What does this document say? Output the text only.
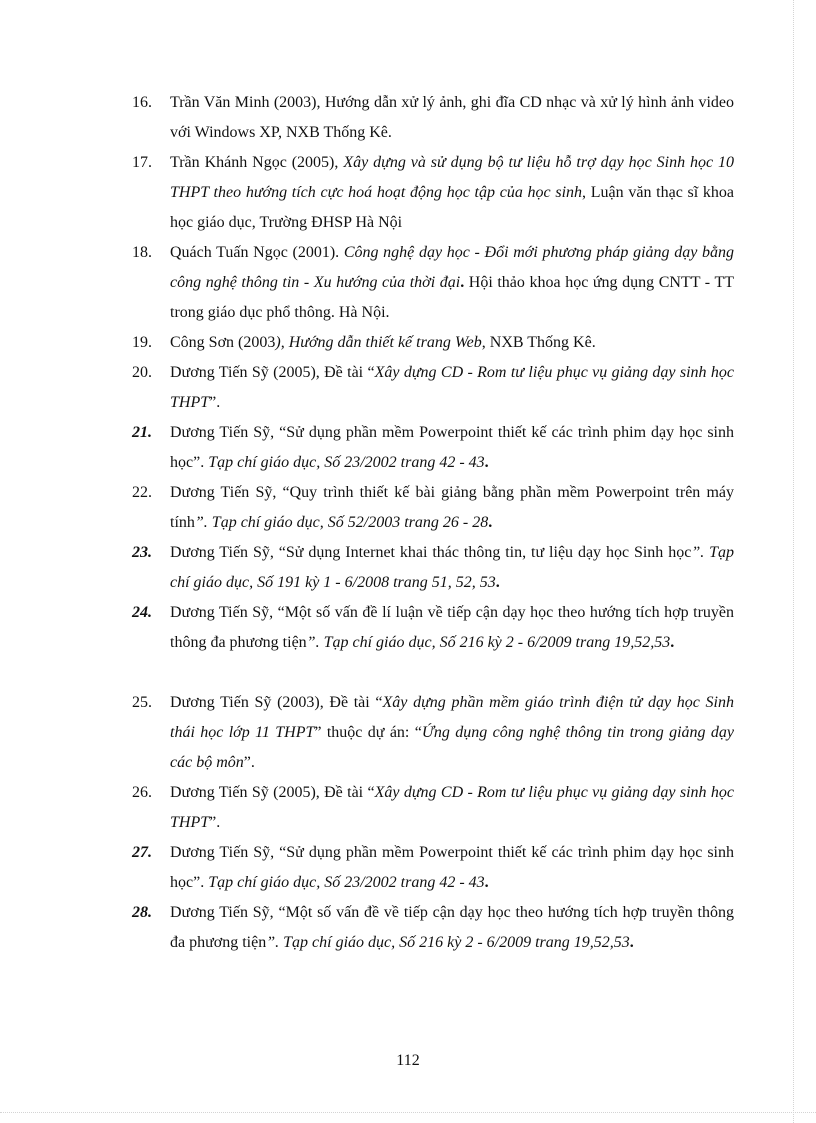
16.	Trần Văn Minh (2003), Hướng dẫn xử lý ảnh, ghi đĩa CD nhạc và xử lý hình ảnh video với Windows XP, NXB Thống Kê.
17.	Trần Khánh Ngọc (2005), Xây dựng và sử dụng bộ tư liệu hỗ trợ dạy học Sinh học 10 THPT theo hướng tích cực hoá hoạt động học tập của học sinh, Luận văn thạc sĩ khoa học giáo dục, Trường ĐHSP Hà Nội
18.	Quách Tuấn Ngọc (2001). Công nghệ dạy học - Đổi mới phương pháp giảng dạy bằng công nghệ thông tin - Xu hướng của thời đại. Hội thảo khoa học ứng dụng CNTT - TT trong giáo dục phổ thông. Hà Nội.
19.	Công Sơn (2003), Hướng dẫn thiết kế trang Web, NXB Thống Kê.
20.	Dương Tiến Sỹ (2005), Đề tài “Xây dựng CD - Rom tư liệu phục vụ giảng dạy sinh học THPT”.
21.	Dương Tiến Sỹ, “Sử dụng phần mềm Powerpoint thiết kế các trình phim dạy học sinh học”. Tạp chí giáo dục, Số 23/2002 trang 42 - 43.
22.	Dương Tiến Sỹ, “Quy trình thiết kế bài giảng bằng phần mềm Powerpoint trên máy tính”. Tạp chí giáo dục, Số 52/2003 trang 26 - 28.
23.	Dương Tiến Sỹ, “Sử dụng Internet khai thác thông tin, tư liệu dạy học Sinh học”. Tạp chí giáo dục, Số 191 kỳ 1 - 6/2008 trang 51, 52, 53.
24.	Dương Tiến Sỹ, “Một số vấn đề lí luận về tiếp cận dạy học theo hướng tích hợp truyền thông đa phương tiện”. Tạp chí giáo dục, Số 216 kỳ 2 - 6/2009 trang 19,52,53.
25.	Dương Tiến Sỹ (2003), Đề tài “Xây dựng phần mềm giáo trình điện tử dạy học Sinh thái học lớp 11 THPT” thuộc dự án: “Ứng dụng công nghệ thông tin trong giảng dạy các bộ môn”.
26.	Dương Tiến Sỹ (2005), Đề tài “Xây dựng CD - Rom tư liệu phục vụ giảng dạy sinh học THPT”.
27.	Dương Tiến Sỹ, “Sử dụng phần mềm Powerpoint thiết kế các trình phim dạy học sinh học”. Tạp chí giáo dục, Số 23/2002 trang 42 - 43.
28.	Dương Tiến Sỹ, “Một số vấn đề về tiếp cận dạy học theo hướng tích hợp truyền thông đa phương tiện”. Tạp chí giáo dục, Số 216 kỳ 2 - 6/2009 trang 19,52,53.
112
